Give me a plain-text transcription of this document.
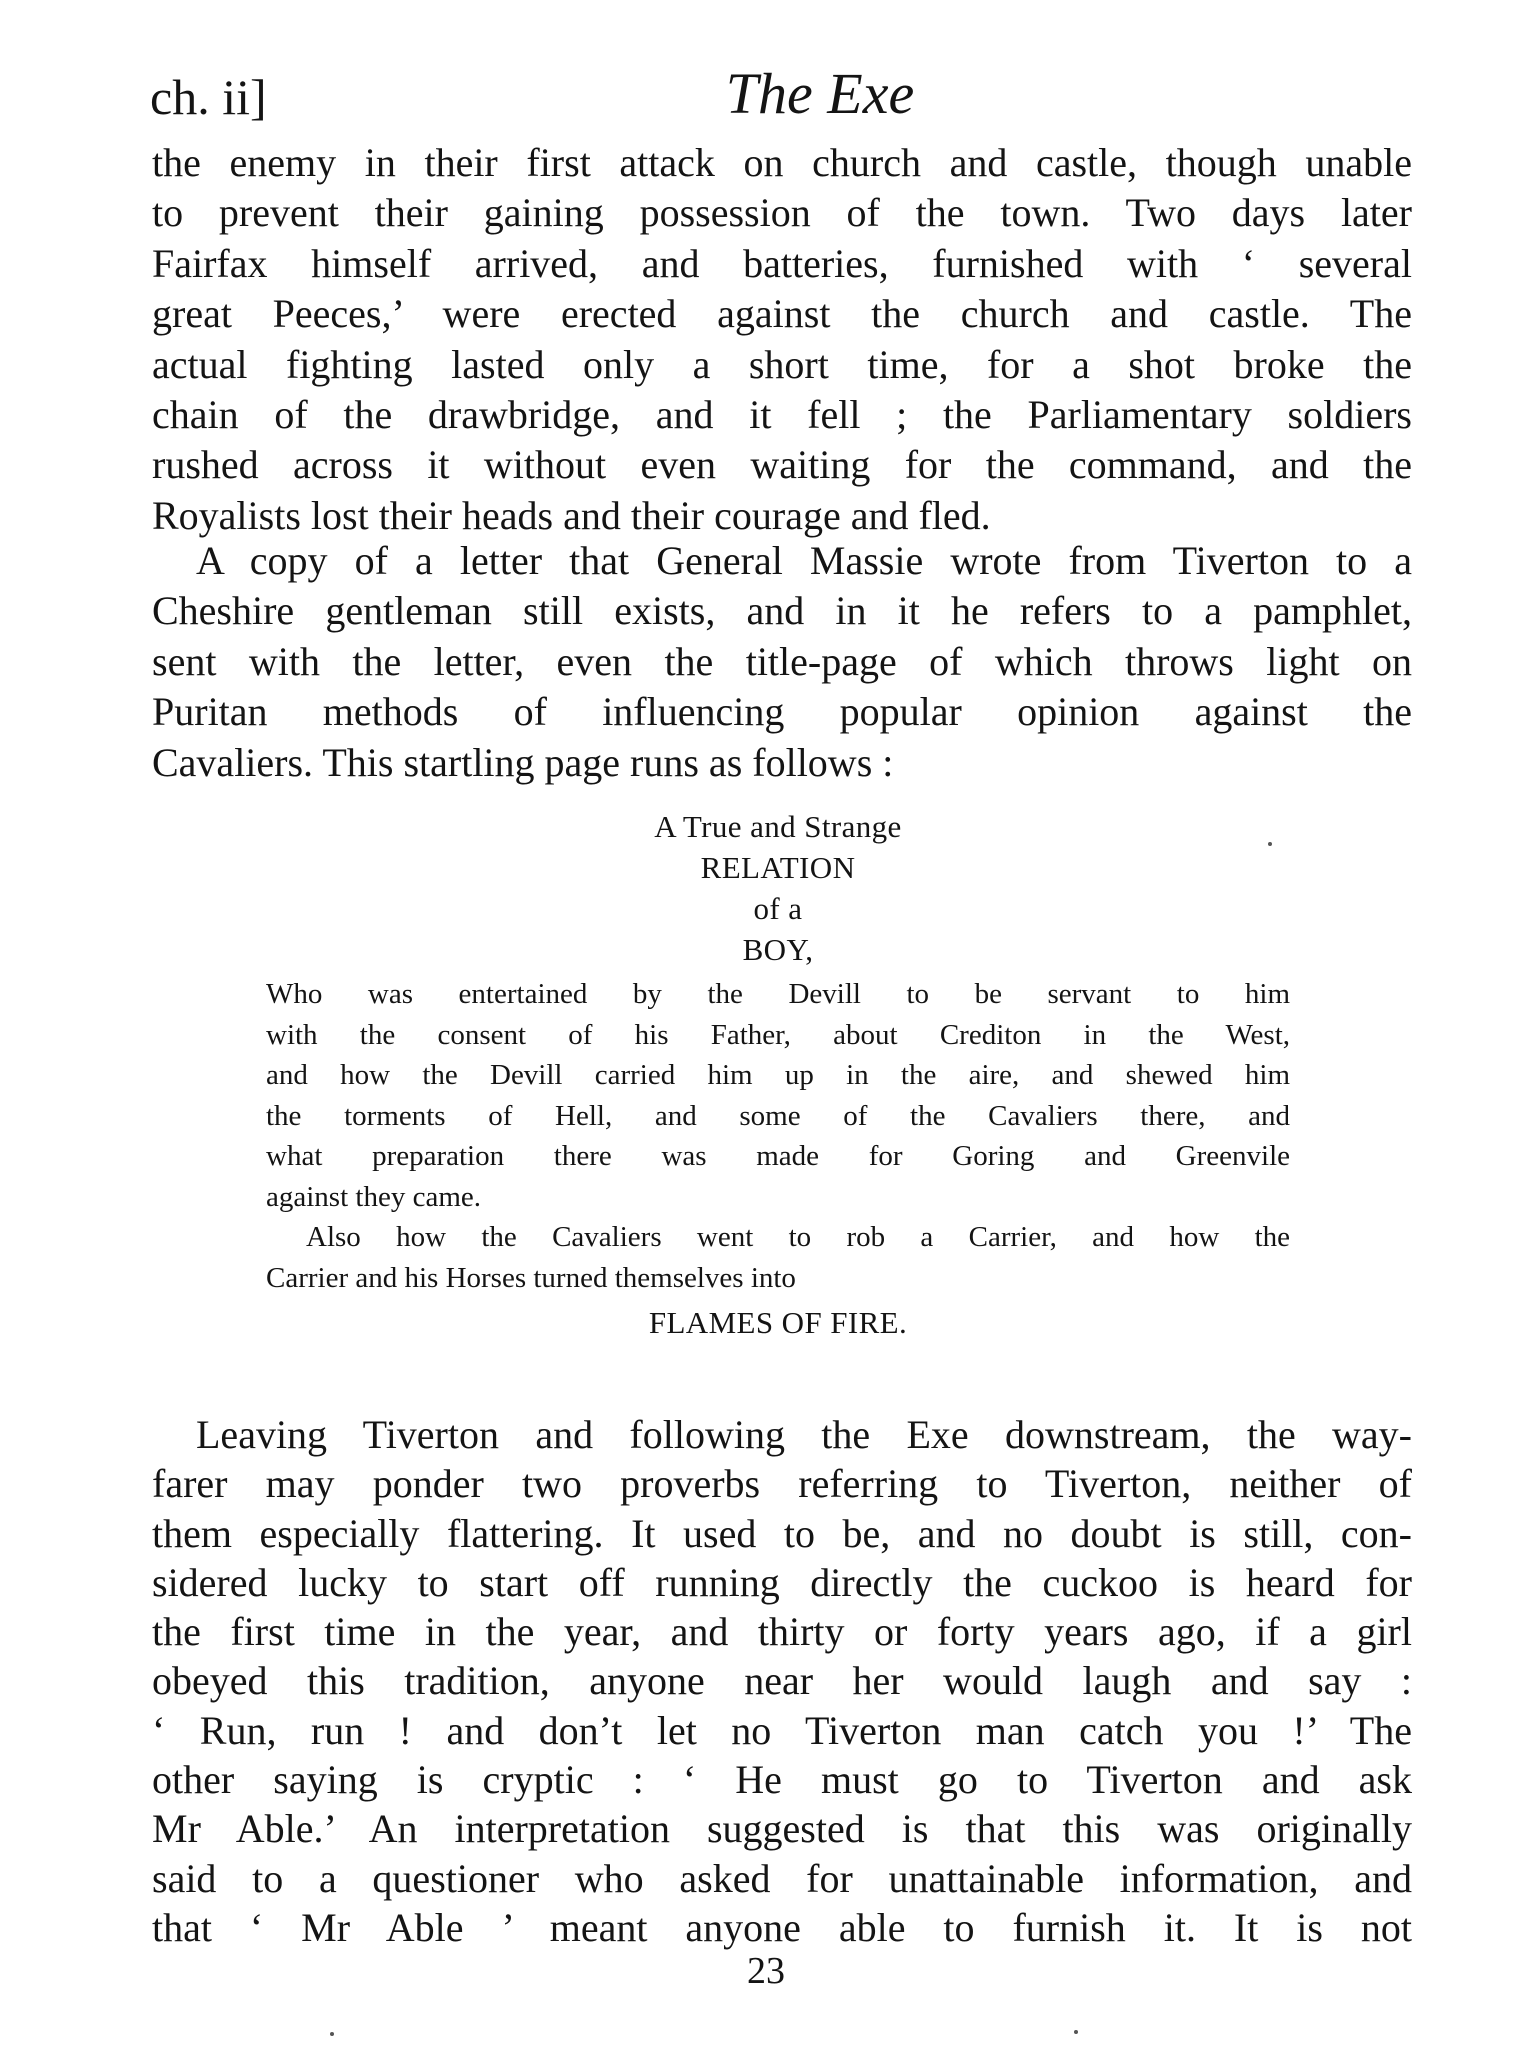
ch. ii]	The Exe
the enemy in their first attack on church and castle, though unable
to prevent their gaining possession of the town. Two days later
Fairfax himself arrived, and batteries, furnished with ‘ several
great Peeces,’ were erected against the church and castle. The
actual fighting lasted only a short time, for a shot broke the
chain of the drawbridge, and it fell ; the Parliamentary soldiers
rushed across it without even waiting for the command, and the
Royalists lost their heads and their courage and fled.
A copy of a letter that General Massie wrote from Tiverton to a
Cheshire gentleman still exists, and in it he refers to a pamphlet,
sent with the letter, even the title-page of which throws light on
Puritan methods of influencing popular opinion against the
Cavaliers. This startling page runs as follows :
A True and Strange
RELATION
of a
BOY,
Who was entertained by the Devill to be servant to him
with the consent of his Father, about Crediton in the West,
and how the Devill carried him up in the aire, and shewed him
the torments of Hell, and some of the Cavaliers there, and
what preparation there was made for Goring and Greenvile
against they came.
Also how the Cavaliers went to rob a Carrier, and how the
Carrier and his Horses turned themselves into
FLAMES OF FIRE.
Leaving Tiverton and following the Exe downstream, the way-
farer may ponder two proverbs referring to Tiverton, neither of
them especially flattering. It used to be, and no doubt is still, con-
sidered lucky to start off running directly the cuckoo is heard for
the first time in the year, and thirty or forty years ago, if a girl
obeyed this tradition, anyone near her would laugh and say :
‘ Run, run ! and don’t let no Tiverton man catch you !’ The
other saying is cryptic : ‘ He must go to Tiverton and ask
Mr Able.’ An interpretation suggested is that this was originally
said to a questioner who asked for unattainable information, and
that ‘ Mr Able ’ meant anyone able to furnish it. It is not
23
